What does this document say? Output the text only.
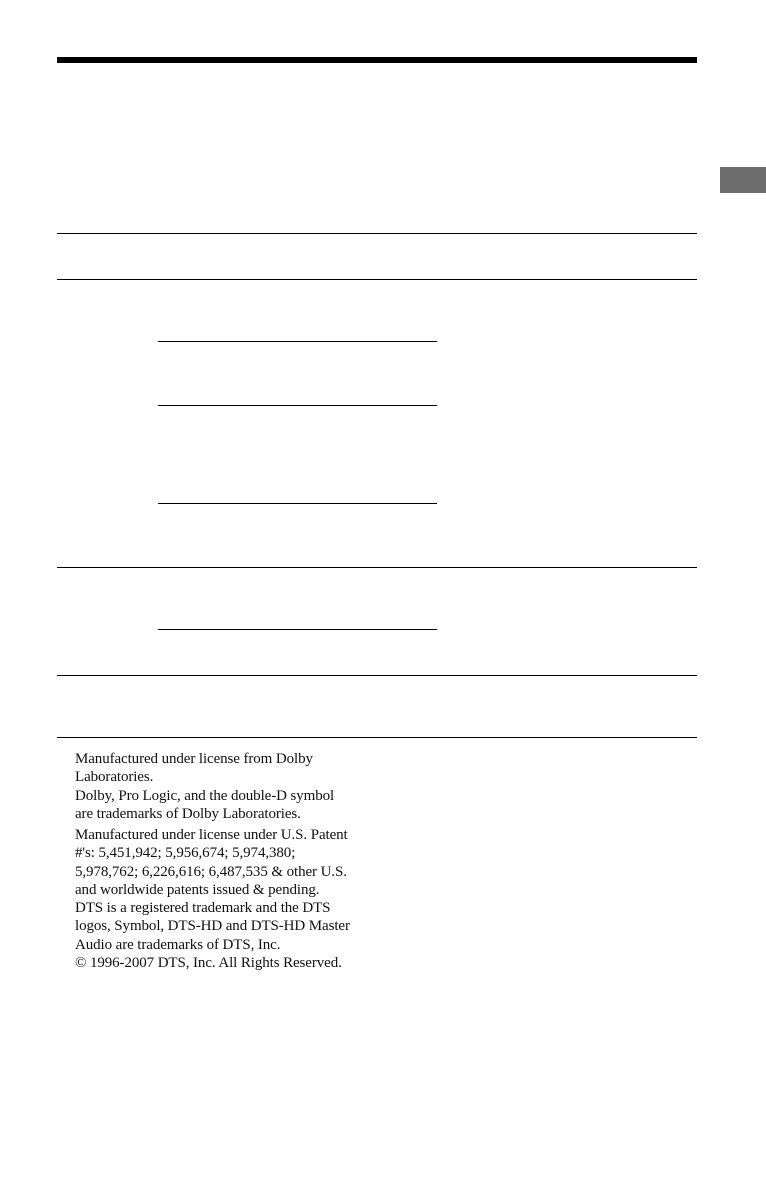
Manufactured under license from Dolby
Laboratories.
Dolby, Pro Logic, and the double-D symbol
are trademarks of Dolby Laboratories.

Manufactured under license under U.S. Patent
#'s: 5,451,942; 5,956,674; 5,974,380;
5,978,762; 6,226,616; 6,487,535 & other U.S.
and worldwide patents issued & pending.
DTS is a registered trademark and the DTS
logos, Symbol, DTS-HD and DTS-HD Master
Audio are trademarks of DTS, Inc.
© 1996-2007 DTS, Inc. All Rights Reserved.
